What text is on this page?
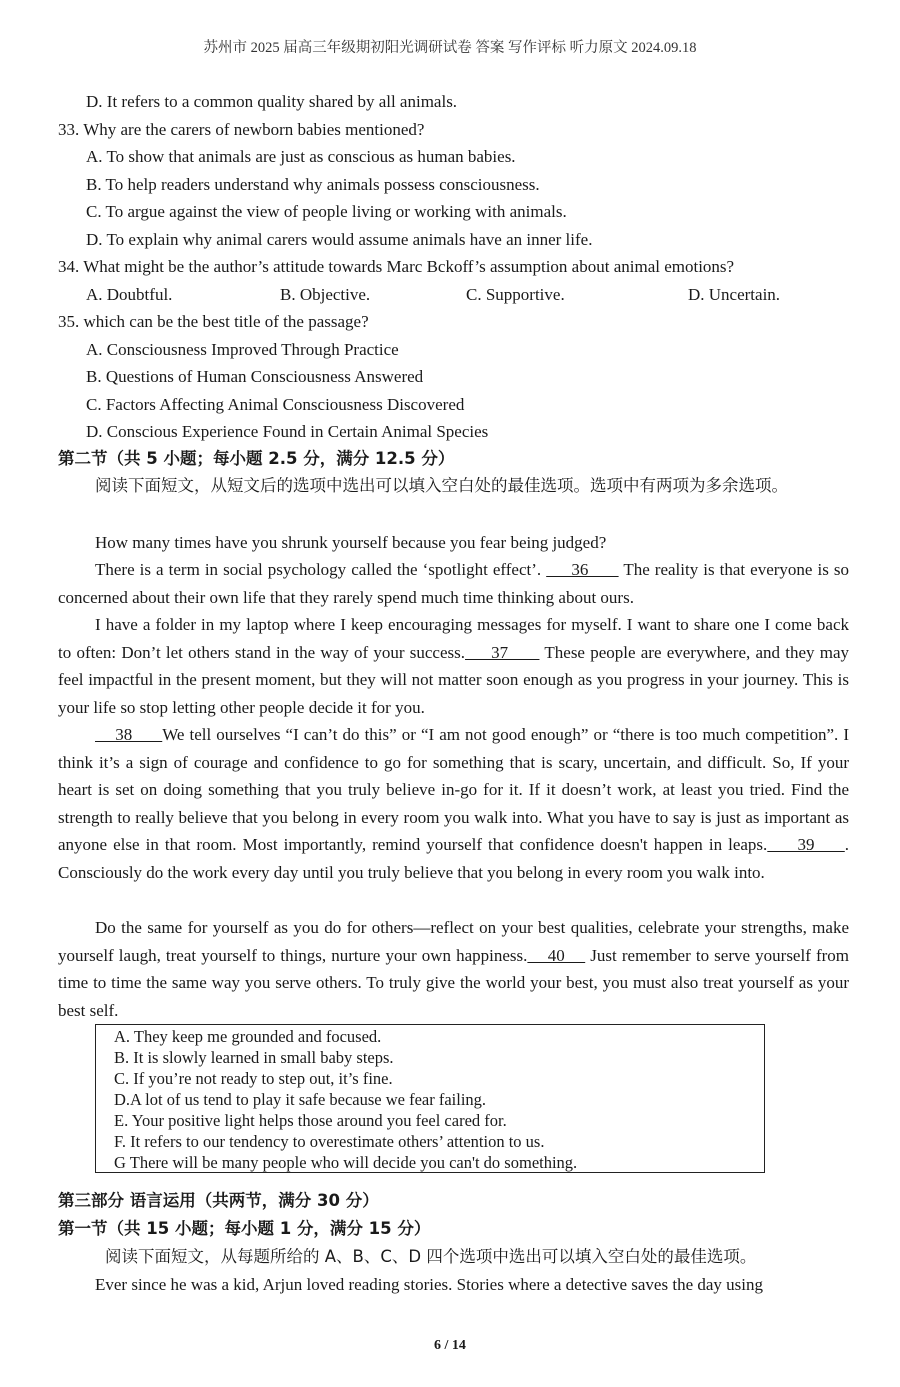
苏州市 2025 届高三年级期初阳光调研试卷 答案 写作评标 听力原文 2024.09.18
D. It refers to a common quality shared by all animals.
33. Why are the carers of newborn babies mentioned?
A. To show that animals are just as conscious as human babies.
B. To help readers understand why animals possess consciousness.
C. To argue against the view of people living or working with animals.
D. To explain why animal carers would assume animals have an inner life.
34. What might be the author’s attitude towards Marc Bckoff’s assumption about animal emotions?
A. Doubtful.	B. Objective.	C. Supportive.	D. Uncertain.
35. which can be the best title of the passage?
A. Consciousness Improved Through Practice
B. Questions of Human Consciousness Answered
C. Factors Affecting Animal Consciousness Discovered
D. Conscious Experience Found in Certain Animal Species
第二节（共 5 小题；每小题 2.5 分，满分 12.5 分）
阅读下面短文，从短文后的选项中选出可以填入空白处的最佳选项。选项中有两项为多余选项。
How many times have you shrunk yourself because you fear being judged?
There is a term in social psychology called the ‘spotlight effect’.      36       The reality is that everyone is so concerned about their own life that they rarely spend much time thinking about ours.
I have a folder in my laptop where I keep encouraging messages for myself. I want to share one I come back to often: Don’t let others stand in the way of your success.     37       These people are everywhere, and they may feel impactful in the present moment, but they will not matter soon enough as you progress in your journey. This is your life so stop letting other people decide it for you.
38      We tell ourselves “I can’t do this” or “I am not good enough” or “there is too much competition”. I think it’s a sign of courage and confidence to go for something that is scary, uncertain, and difficult. So, If your heart is set on doing something that you truly believe in-go for it. If it doesn’t work, at least you tried. Find the strength to really believe that you belong in every room you walk into. What you have to say is just as important as anyone else in that room. Most importantly, remind yourself that confidence doesn't happen in leaps.     39     . Consciously do the work every day until you truly believe that you belong in every room you walk into.
Do the same for yourself as you do for others—reflect on your best qualities, celebrate your strengths, make yourself laugh, treat yourself to things, nurture your own happiness.    40     Just remember to serve yourself from time to time the same way you serve others. To truly give the world your best, you must also treat yourself as your best self.
A. They keep me grounded and focused.
B. It is slowly learned in small baby steps.
C. If you’re not ready to step out, it’s fine.
D.A lot of us tend to play it safe because we fear failing.
E. Your positive light helps those around you feel cared for.
F. It refers to our tendency to overestimate others’ attention to us.
G There will be many people who will decide you can't do something.
第三部分 语言运用（共两节，满分 30 分）
第一节（共 15 小题；每小题 1 分，满分 15 分）
阅读下面短文，从每题所给的 A、B、C、D 四个选项中选出可以填入空白处的最佳选项。
Ever since he was a kid, Arjun loved reading stories. Stories where a detective saves the day using
6 / 14
